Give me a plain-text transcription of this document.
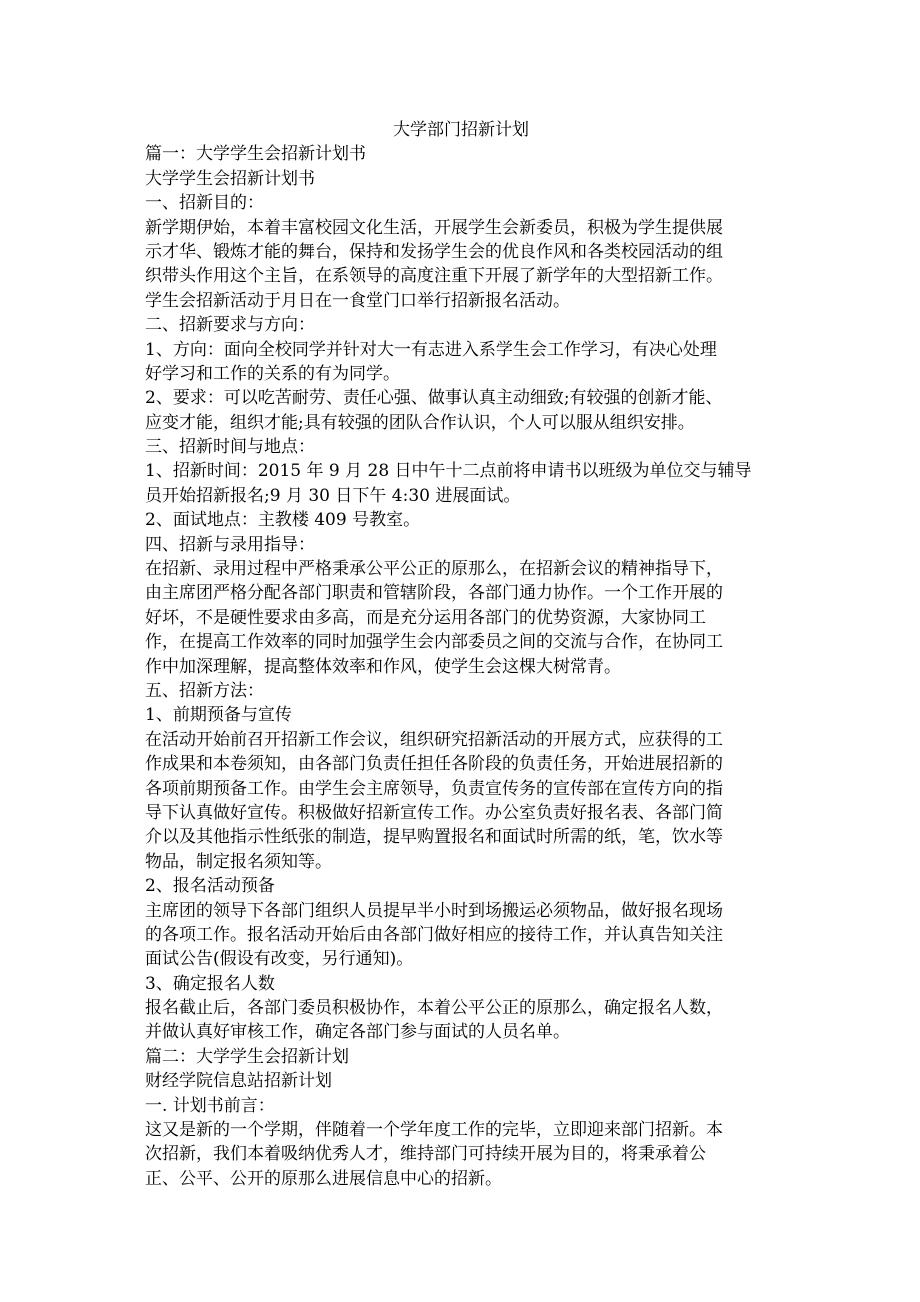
大学部门招新计划
篇一：大学学生会招新计划书
大学学生会招新计划书
一、招新目的：
新学期伊始，本着丰富校园文化生活，开展学生会新委员，积极为学生提供展
示才华、锻炼才能的舞台，保持和发扬学生会的优良作风和各类校园活动的组
织带头作用这个主旨，在系领导的高度注重下开展了新学年的大型招新工作。
学生会招新活动于月日在一食堂门口举行招新报名活动。
二、招新要求与方向：
1、方向：面向全校同学并针对大一有志进入系学生会工作学习，有决心处理
好学习和工作的关系的有为同学。
2、要求：可以吃苦耐劳、责任心强、做事认真主动细致;有较强的创新才能、
应变才能，组织才能;具有较强的团队合作认识，个人可以服从组织安排。
三、招新时间与地点：
1、招新时间：2015 年 9 月 28 日中午十二点前将申请书以班级为单位交与辅导
员开始招新报名;9 月 30 日下午 4:30 进展面试。
2、面试地点：主教楼 409 号教室。
四、招新与录用指导：
在招新、录用过程中严格秉承公平公正的原那么，在招新会议的精神指导下，
由主席团严格分配各部门职责和管辖阶段，各部门通力协作。一个工作开展的
好坏，不是硬性要求由多高，而是充分运用各部门的优势资源，大家协同工
作，在提高工作效率的同时加强学生会内部委员之间的交流与合作，在协同工
作中加深理解，提高整体效率和作风，使学生会这棵大树常青。
五、招新方法：
1、前期预备与宣传
在活动开始前召开招新工作会议，组织研究招新活动的开展方式，应获得的工
作成果和本卷须知，由各部门负责任担任各阶段的负责任务，开始进展招新的
各项前期预备工作。由学生会主席领导，负责宣传务的宣传部在宣传方向的指
导下认真做好宣传。积极做好招新宣传工作。办公室负责好报名表、各部门简
介以及其他指示性纸张的制造，提早购置报名和面试时所需的纸，笔，饮水等
物品，制定报名须知等。
2、报名活动预备
主席团的领导下各部门组织人员提早半小时到场搬运必须物品，做好报名现场
的各项工作。报名活动开始后由各部门做好相应的接待工作，并认真告知关注
面试公告(假设有改变，另行通知)。
3、确定报名人数
报名截止后，各部门委员积极协作，本着公平公正的原那么，确定报名人数，
并做认真好审核工作，确定各部门参与面试的人员名单。
篇二：大学学生会招新计划
财经学院信息站招新计划
一. 计划书前言：
这又是新的一个学期，伴随着一个学年度工作的完毕，立即迎来部门招新。本
次招新，我们本着吸纳优秀人才，维持部门可持续开展为目的，将秉承着公
正、公平、公开的原那么进展信息中心的招新。
